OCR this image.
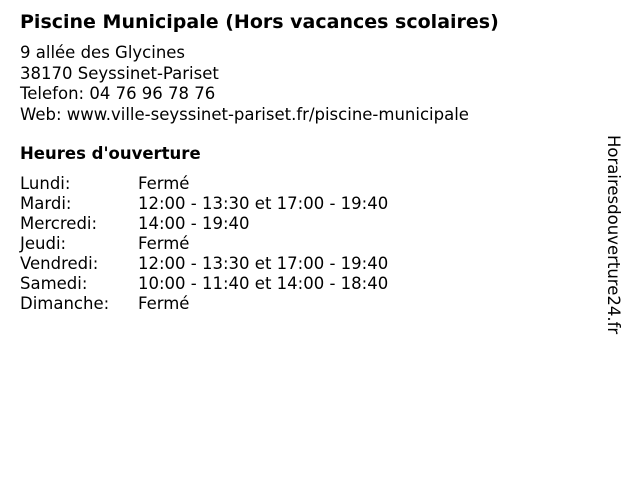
Piscine Municipale (Hors vacances scolaires)
9 allée des Glycines
38170 Seyssinet-Pariset
Telefon: 04 76 96 78 76
Web: www.ville-seyssinet-pariset.fr/piscine-municipale
Heures d'ouverture
Lundi:	Fermé
Mardi:	12:00 - 13:30 et 17:00 - 19:40
Mercredi:	14:00 - 19:40
Jeudi:	Fermé
Vendredi:	12:00 - 13:30 et 17:00 - 19:40
Samedi:	10:00 - 11:40 et 14:00 - 18:40
Dimanche:	Fermé	Horairesdouverture24.fr
